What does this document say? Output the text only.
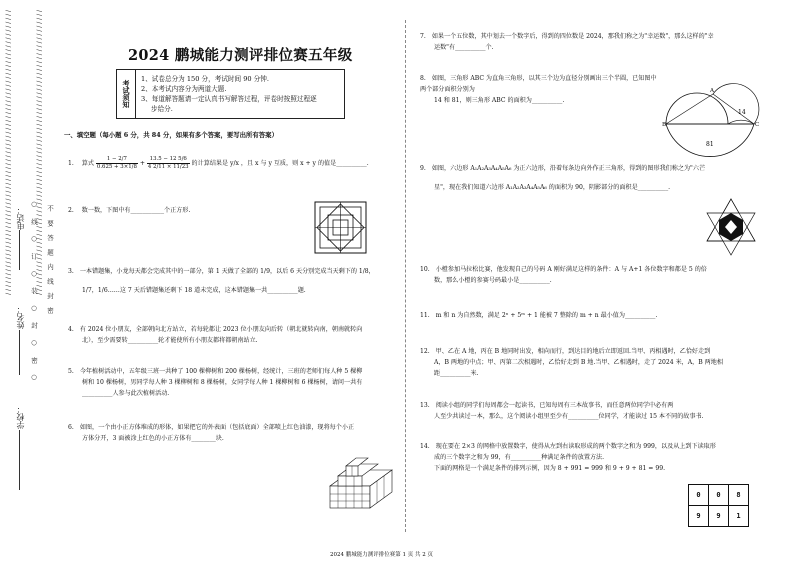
/ / / / / / / / / / / / / / / / / / / / / / / / / / / / / / / / / / / / / / / / / / / / / / / / / / / / / / / / / / / / / / / / / / / / / / / / /	/ / / / / / / / / / / / / / / / / / / / / / / / / / / / / / / / / / / / / / / / / / / / / / / / / / / / / / / / / / / / / / / / / / / / / / / / /
电话：
姓名：
学校：
○ 线 ○ 订 ○ 装 ○ 封 ○ 密 ○ 不 要 答 题 内 线 封 密
2024 鹏城能力测评排位赛五年级
考试须知
1、试卷总分为 150 分，考试时间 90 分钟.
2、本考试内容分为两道大题.
3、每道解答题请一定认真书写解答过程，评卷时按照过程逐
步给分.
一、填空题（每小题 6 分，共 84 分，如果有多个答案，要写出所有答案）
1. 算式 $\frac{1 - 2/7}{0.625 + 3\times 1/8} + \frac{13.5 - 12 5/6}{4 2/11 \times 11/23}$ 的计算结果是 y/x ，且 x 与 y 互质，则 x + y 的值是__________.
2. 数一数，下图中有___________个正方形.
3. 一本错题集，小龙每天都会完成其中的一部分，第 1 天做了全部的 1/9，以后 6 天分别完成当天剩下的 1/8，
1/7，1/6……这 7 天后错题集还剩下 18 道未完成，这本错题集一共__________题.
4. 有 2024 位小朋友，全部朝向北方站立，若每轮都让 2023 位小朋友向后转（朝北就转向南，朝南就转向
北），至少需要转__________轮才能使所有小朋友都将都朝南站立.
5. 今年植树活动中，五年级三班一共种了 100 棵柳树和 200 棵杨树，经统计，三班的老师们每人种 5 棵柳
树和 10 棵杨树，男同学每人种 3 棵柳树和 8 棵杨树，女同学每人种 1 棵柳树和 6 棵杨树，请问一共有
__________人参与此次植树活动.
6. 如图，一个由小正方体堆成的形体，如果把它的外表面（包括底面）全部喷上红色油漆，现将每个小正
方体分开，3 面被涂上红色的小正方体有________块.
7. 如果一个五位数，其中划去一个数字后，得到的四位数是 2024，那我们称之为"幸运数"，那么这样的"幸
运数"有__________个.
8. 如图，三角形 ABC 为直角三角形，以其三个边为直径分别画出三个半圆，已知图中两个部分面积分别为
14 和 81，则三角形 ABC 的面积为__________.
B
A
C
14
81
9. 如图，六边形 A₁A₂A₃A₄A₅A₆ 为正六边形，沿着每条边向外作正三角形，得到的图形我们称之为"六芒
星"，现在我们知道六边形 A₁A₂A₃A₄A₅A₆ 的面积为 90，阴影部分的面积是__________.
10. 小橙参加马拉松比赛，他发现自己的号码 A 刚好满足这样的条件：A 与 A+1 各位数字和都是 5 的倍
数，那么小橙的参赛号码最小是__________.
11. m 和 n 为自然数，满足 2ⁿ + 5ᵐ + 1 能被 7 整除的 m + n 最小值为__________.
12. 甲、乙在 A 地，丙在 B 地同时出发，相向而行，到达目的地后立即返回.当甲、丙相遇时，乙恰好走到
A，B 两地的中点；甲、丙第二次相遇时，乙恰好走到 B 地.当甲、乙相遇时，走了 2024 米，A，B 两地相
距__________米.
13. 阅读小组的同学们每周都会一起读书，已知每周有三本故事书，而任意两位同学中必有两
人至少共读过一本，那么，这个阅读小组里至少有__________位同学，才能读过 15 本不同的故事书.
14. 现在要在 2×3 的网格中放置数字，使得从左到右读取形成的两个数字之和为 999，以及从上到下读取形
成的三个数字之和为 99，有__________种满足条件的放置方法.
下面的网格是一个满足条件的排列示例，因为 8 + 991 = 999 和 9 + 9 + 81 = 99.
0	0	8
9	9	1
2024 鹏城能力测评排位赛第 1 页 共 2 页
